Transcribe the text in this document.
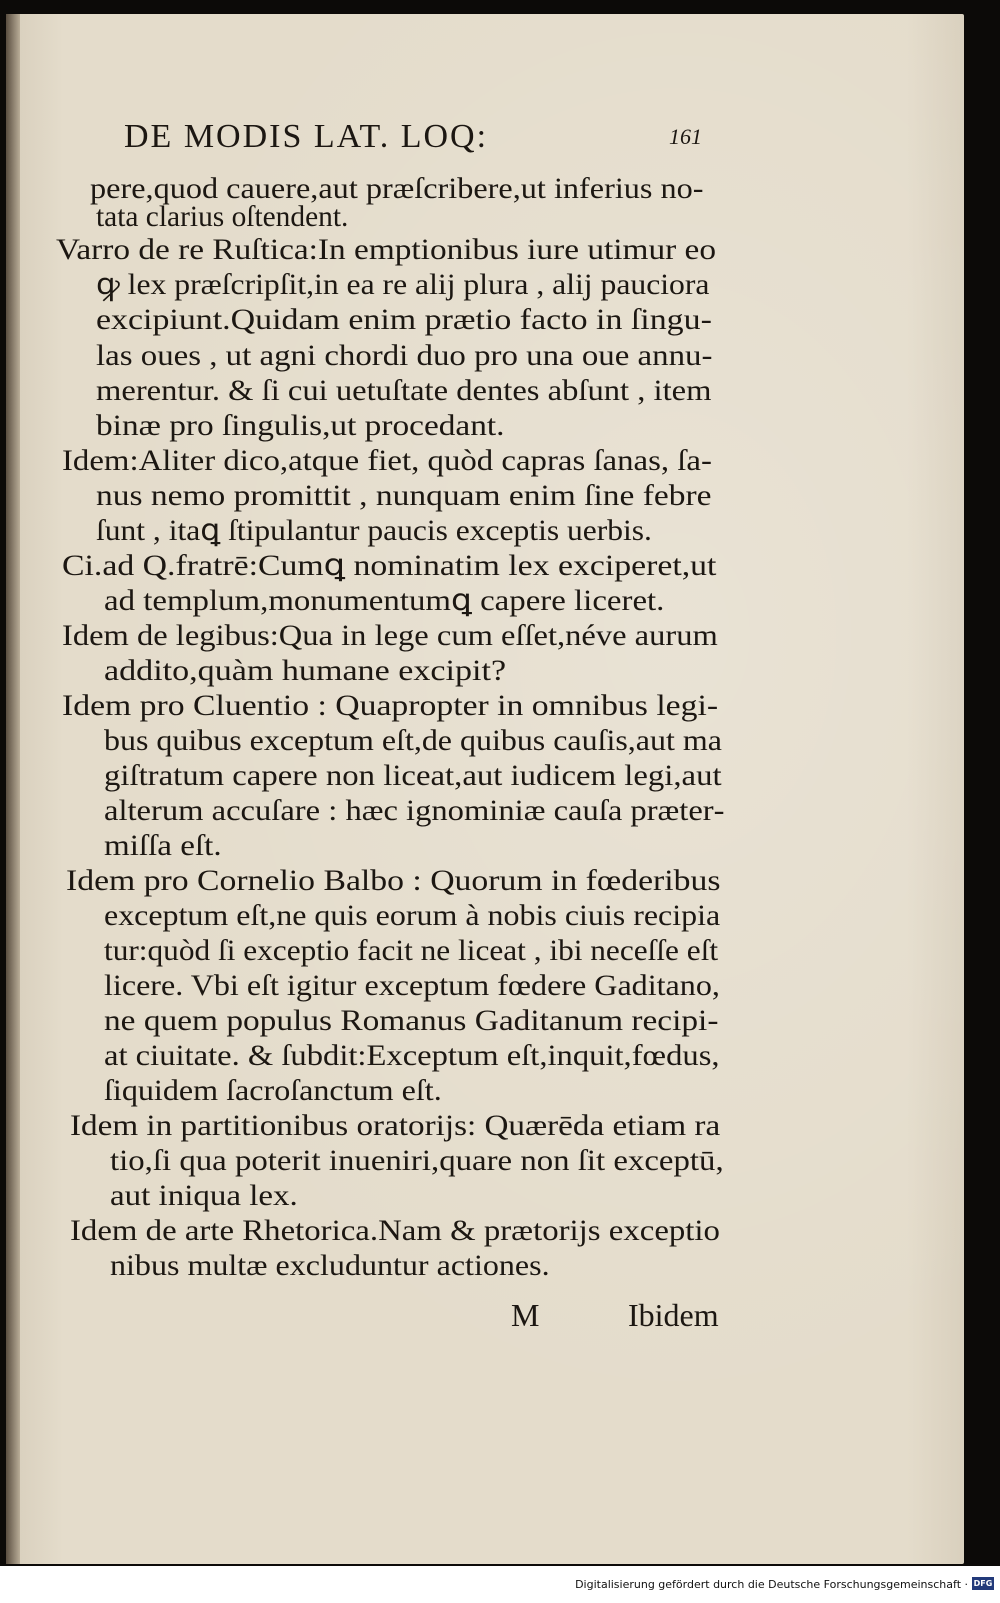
DE MODIS LAT. LOQ:	161
pere,quod cauere,aut præſcribere,ut inferius no‐
tata clarius oſtendent.
Varro de re Ruſtica:In emptionibus iure utimur eo
ꝙ lex præſcripſit,in ea re alij plura , alij pauciora
excipiunt.Quidam enim prætio facto in ſingu‐
las oues , ut agni chordi duo pro una oue annu‐
merentur. & ſi cui uetuſtate dentes abſunt , item
binæ pro ſingulis,ut procedant.
Idem:Aliter dico,atque fiet, quòd capras ſanas, ſa‐
nus nemo promittit , nunquam enim ſine febre
ſunt , itaꝗ ſtipulantur paucis exceptis uerbis.
Ci.ad Q.fratrē:Cumꝗ nominatim lex exciperet,ut
ad templum,monumentumꝗ capere liceret.
Idem de legibus:Qua in lege cum eſſet,néve aurum
addito,quàm humane excipit?
Idem pro Cluentio : Quapropter in omnibus legi‐
bus quibus exceptum eſt,de quibus cauſis,aut ma
giſtratum capere non liceat,aut iudicem legi,aut
alterum accuſare : hæc ignominiæ cauſa præter‐
miſſa eſt.
Idem pro Cornelio Balbo : Quorum in fœderibus
exceptum eſt,ne quis eorum à nobis ciuis recipia
tur:quòd ſi exceptio facit ne liceat , ibi neceſſe eſt
licere. Vbi eſt igitur exceptum fœdere Gaditano,
ne quem populus Romanus Gaditanum recipi‐
at ciuitate. & ſubdit:Exceptum eſt,inquit,fœdus,
ſiquidem ſacroſanctum eſt.
Idem in partitionibus oratorijs: Quærēda etiam ra
tio,ſi qua poterit inueniri,quare non ſit exceptū,
aut iniqua lex.
Idem de arte Rhetorica.Nam & prætorijs exceptio
nibus multæ excluduntur actiones.
M	Ibidem
Digitalisierung gefördert durch die Deutsche Forschungsgemeinschaft · DFG
